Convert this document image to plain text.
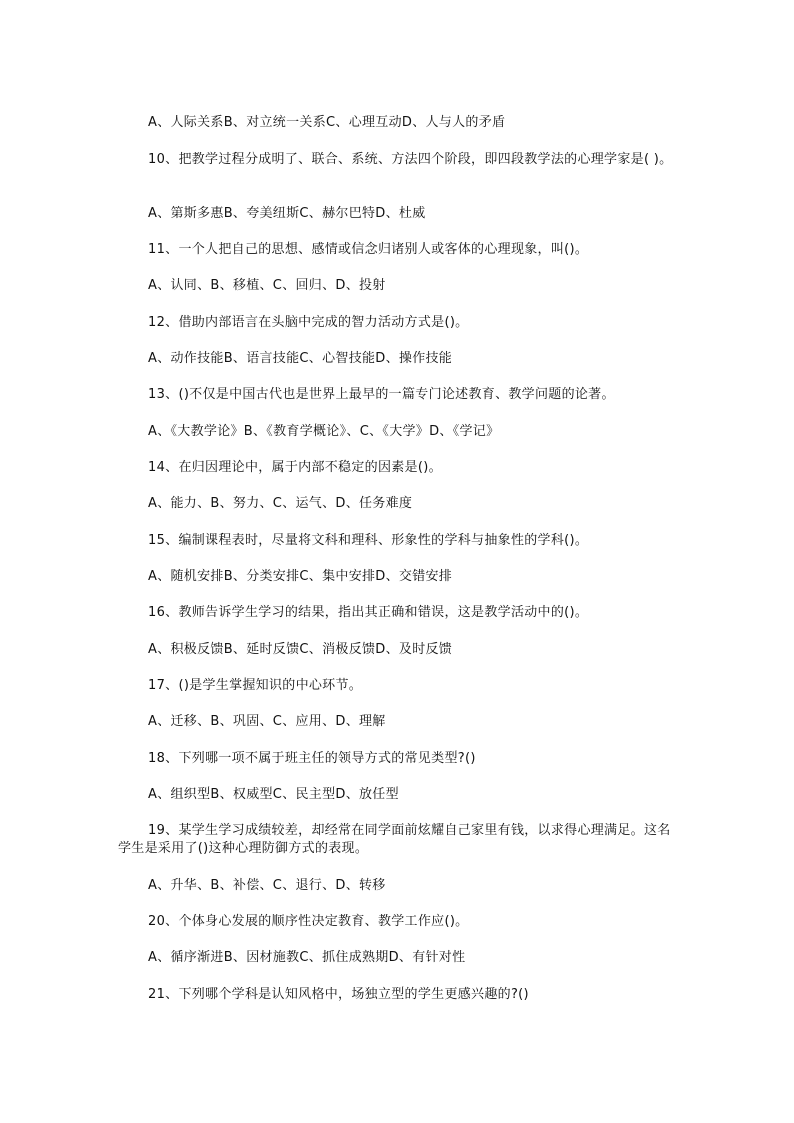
A、人际关系B、对立统一关系C、心理互动D、人与人的矛盾
10、把教学过程分成明了、联合、系统、方法四个阶段，即四段教学法的心理学家是( )。
A、第斯多惠B、夸美纽斯C、赫尔巴特D、杜威
11、一个人把自己的思想、感情或信念归诸别人或客体的心理现象，叫()。
A、认同、B、移植、C、回归、D、投射
12、借助内部语言在头脑中完成的智力活动方式是()。
A、动作技能B、语言技能C、心智技能D、操作技能
13、()不仅是中国古代也是世界上最早的一篇专门论述教育、教学问题的论著。
A、《大教学论》B、《教育学概论》、C、《大学》D、《学记》
14、在归因理论中，属于内部不稳定的因素是()。
A、能力、B、努力、C、运气、D、任务难度
15、编制课程表时，尽量将文科和理科、形象性的学科与抽象性的学科()。
A、随机安排B、分类安排C、集中安排D、交错安排
16、教师告诉学生学习的结果，指出其正确和错误，这是教学活动中的()。
A、积极反馈B、延时反馈C、消极反馈D、及时反馈
17、()是学生掌握知识的中心环节。
A、迁移、B、巩固、C、应用、D、理解
18、下列哪一项不属于班主任的领导方式的常见类型?()
A、组织型B、权威型C、民主型D、放任型
19、某学生学习成绩较差，却经常在同学面前炫耀自己家里有钱，以求得心理满足。这名学生是采用了()这种心理防御方式的表现。
A、升华、B、补偿、C、退行、D、转移
20、个体身心发展的顺序性决定教育、教学工作应()。
A、循序渐进B、因材施教C、抓住成熟期D、有针对性
21、下列哪个学科是认知风格中，场独立型的学生更感兴趣的?()
